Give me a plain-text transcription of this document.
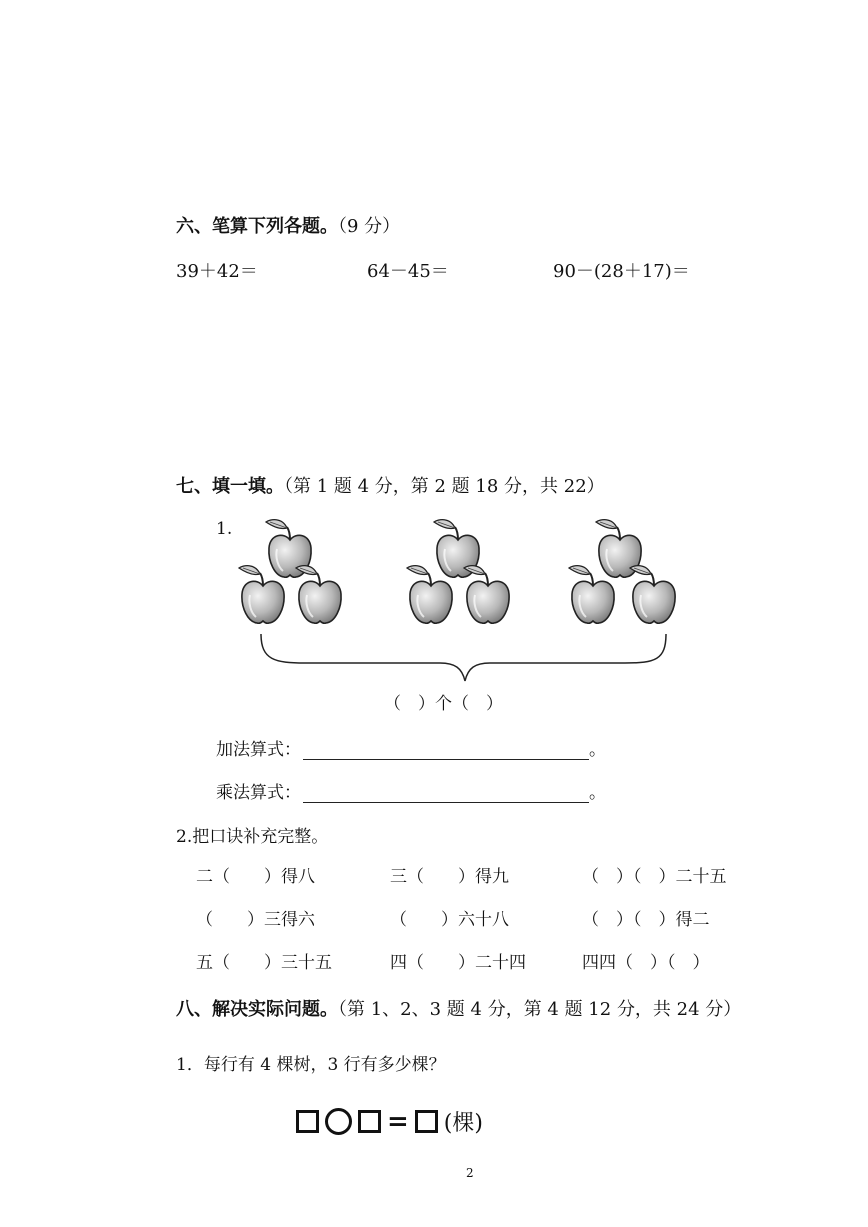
六、笔算下列各题。（9 分）
39＋42＝	64－45＝	90－(28＋17)＝
七、填一填。（第 1 题 4 分，第 2 题 18 分，共 22）
1.
（　）个（　）
加法算式：	。
乘法算式：	。
2.把口诀补充完整。
二（　　）得八	三（　　）得九	（　）（　）二十五
（　　）三得六	（　　）六十八	（　）（　）得二
五（　　）三十五	四（　　）二十四	四四（　）（　）
八、解决实际问题。（第 1、2、3 题 4 分，第 4 题 12 分，共 24 分）
1．每行有 4 棵树，3 行有多少棵？
= (棵)
2
